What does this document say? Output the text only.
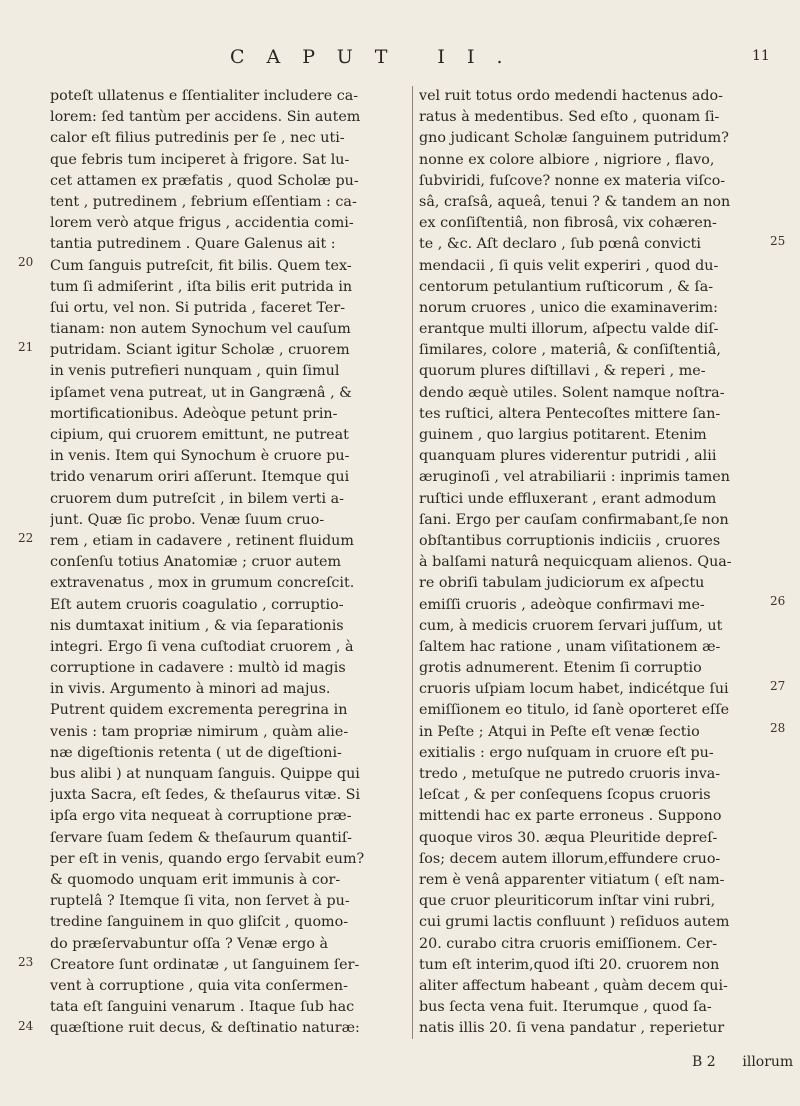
CAPUT II.	11
poteſt ullatenus e ſſentialiter includere ca-
lorem: ſed tantùm per accidens. Sin autem
calor eſt filius putredinis per ſe , nec uti-
que febris tum inciperet à frigore. Sat lu-
cet attamen ex præfatis , quod Scholæ pu-
tent , putredinem , febrium eſſentiam : ca-
lorem verò atque frigus , accidentia comi-
tantia putredinem . Quare Galenus ait :
Cum ſanguis putreſcit, fit bilis. Quem tex-
tum ſi admiſerint , iſta bilis erit putrida in
ſui ortu, vel non. Si putrida , faceret Ter-
tianam: non autem Synochum vel cauſum
putridam. Sciant igitur Scholæ , cruorem
in venis putrefieri nunquam , quin ſimul
ipſamet vena putreat, ut in Gangrænâ , &
mortificationibus. Adeòque petunt prin-
cipium, qui cruorem emittunt, ne putreat
in venis. Item qui Synochum è cruore pu-
trido venarum oriri aſſerunt. Itemque qui
cruorem dum putreſcit , in bilem verti a-
junt. Quæ ſic probo. Venæ ſuum cruo-
rem , etiam in cadavere , retinent fluidum
conſenſu totius Anatomiæ ; cruor autem
extravenatus , mox in grumum concreſcit.
Eſt autem cruoris coagulatio , corruptio-
nis dumtaxat initium , & via ſeparationis
integri. Ergo ſi vena cuſtodiat cruorem , à
corruptione in cadavere : multò id magis
in vivis. Argumento à minori ad majus.
Putrent quidem excrementa peregrina in
venis : tam propriæ nimirum , quàm alie-
næ digeſtionis retenta ( ut de digeſtioni-
bus alibi ) at nunquam ſanguis. Quippe qui
juxta Sacra, eſt ſedes, & theſaurus vitæ. Si
ipſa ergo vita nequeat à corruptione præ-
ſervare ſuam ſedem & theſaurum quantiſ-
per eſt in venis, quando ergo ſervabit eum?
& quomodo unquam erit immunis à cor-
ruptelâ ? Itemque ſi vita, non ſervet à pu-
tredine ſanguinem in quo gliſcit , quomo-
do præſervabuntur oſſa ? Venæ ergo à
Creatore ſunt ordinatæ , ut ſanguinem ſer-
vent à corruptione , quia vita conſermen-
tata eſt ſanguini venarum . Itaque ſub hac
quæſtione ruit decus, & deſtinatio naturæ:
vel ruit totus ordo medendi hactenus ado-
ratus à medentibus. Sed eſto , quonam ſi-
gno judicant Scholæ ſanguinem putridum?
nonne ex colore albiore , nigriore , flavo,
ſubviridi, fuſcove? nonne ex materia viſco-
sâ, craſsâ, aqueâ, tenui ? & tandem an non
ex conſiſtentiâ, non fibrosâ, vix cohæren-
te , &c. Aſt declaro , ſub pœnâ convicti
mendacii , ſi quis velit experiri , quod du-
centorum petulantium ruſticorum , & ſa-
norum cruores , unico die examinaverim:
erantque multi illorum, aſpectu valde diſ-
ſimilares, colore , materiâ, & conſiſtentiâ,
quorum plures diſtillavi , & reperi , me-
dendo æquè utiles. Solent namque noſtra-
tes ruſtici, altera Pentecoſtes mittere ſan-
guinem , quo largius potitarent. Etenim
quanquam plures viderentur putridi , alii
æruginoſi , vel atrabiliarii : inprimis tamen
ruſtici unde effluxerant , erant admodum
ſani. Ergo per cauſam confirmabant,ſe non
obſtantibus corruptionis indiciis , cruores
à balſami naturâ nequicquam alienos. Qua-
re obriſi tabulam judiciorum ex aſpectu
emiſſi cruoris , adeòque confirmavi me-
cum, à medicis cruorem ſervari juſſum, ut
ſaltem hac ratione , unam viſitationem æ-
grotis adnumerent. Etenim ſi corruptio
cruoris uſpiam locum habet, indicétque ſui
emiſſionem eo titulo, id ſanè oporteret eſſe
in Peſte ; Atqui in Peſte eſt venæ ſectio
exitialis : ergo nuſquam in cruore eſt pu-
tredo , metuſque ne putredo cruoris inva-
leſcat , & per conſequens ſcopus cruoris
mittendi hac ex parte erroneus . Suppono
quoque viros 30. æqua Pleuritide depreſ-
ſos; decem autem illorum,effundere cruo-
rem è venâ apparenter vitiatum ( eſt nam-
que cruor pleuriticorum inſtar vini rubri,
cui grumi lactis confluunt ) reſiduos autem
20. curabo citra cruoris emiſſionem. Cer-
tum eſt interim,quod iſti 20. cruorem non
aliter affectum habeant , quàm decem qui-
bus ſecta vena fuit. Iterumque , quod ſa-
natis illis 20. ſi vena pandatur , reperietur
20
21
22
23
24
25
26
27
28
B 2 illorum
